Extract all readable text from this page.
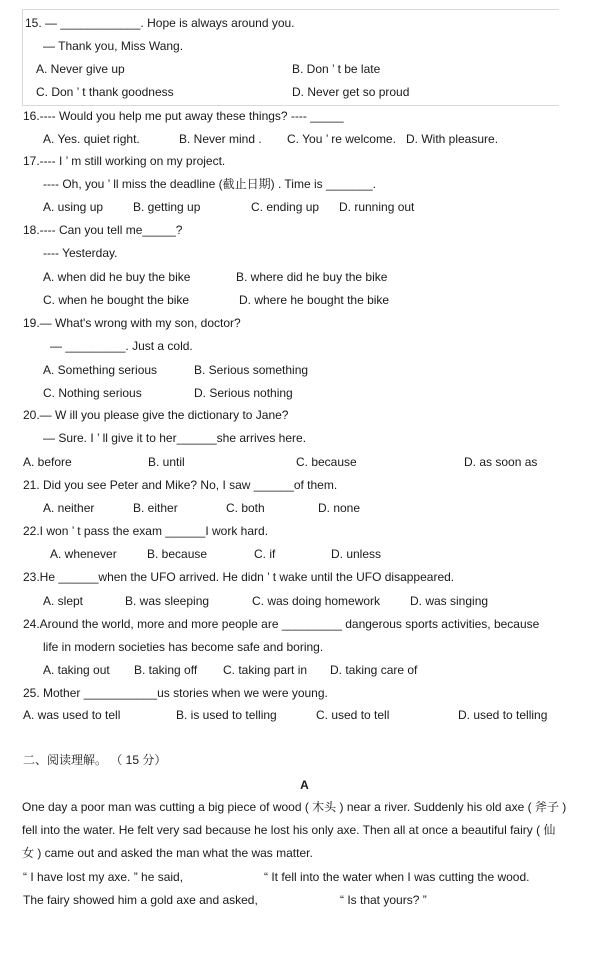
15. — ____________. Hope is always around you.
— Thank you, Miss Wang.
A. Never give up	B. Don ’ t be late
C. Don ’ t thank goodness	D. Never get so proud
16.---- Would you help me put away these things? ---- _____
A. Yes. quiet right.	B. Never mind . C. You ’ re welcome. D. With pleasure.
17.---- I ’ m still working on my project.
---- Oh, you ’ ll miss the deadline (截止日期) . Time is _______.
A. using up B. getting up	C. ending up D. running out
18.---- Can you tell me_____?
---- Yesterday.
A. when did he buy the bike	B. where did he buy the bike
C. when he bought the bike	D. where he bought the bike
19.— What's wrong with my son, doctor?
— _________. Just a cold.
A. Something serious	B. Serious something
C. Nothing serious	D. Serious nothing
20.— W ill you please give the dictionary to Jane?
— Sure. I ’ ll give it to her______she arrives here.
A. before	B. until	C. because	D. as soon as
21. Did you see Peter and Mike? No, I saw ______of them.
A. neither	B. either	C. both	D. none
22.I won ’ t pass the exam ______I work hard.
A. whenever	B. because	C. if	D. unless
23.He ______when the UFO arrived. He didn ’ t wake until the UFO disappeared.
A. slept	B. was sleeping	C. was doing homework D. was singing
24.Around the world, more and more people are _________ dangerous sports activities, because
life in modern societies has become safe and boring.
A. taking out B. taking off C. taking part in D. taking care of
25. Mother ___________us stories when we were young.
A. was used to tell	B. is used to telling	C. used to tell	D. used to telling
二、阅读理解。 （ 15 分）
A
One day a poor man was cutting a big piece of wood ( 木头 ) near a river. Suddenly his old axe ( 斧子 ) fell into the water. He felt very sad because he lost his only axe. Then all at once a beautiful fairy ( 仙女 ) came out and asked the man what the was matter.
“ I have lost my axe. ” he said,	“ It fell into the water when I was cutting the wood.
The fairy showed him a gold axe and asked,	“ Is that yours? ”
